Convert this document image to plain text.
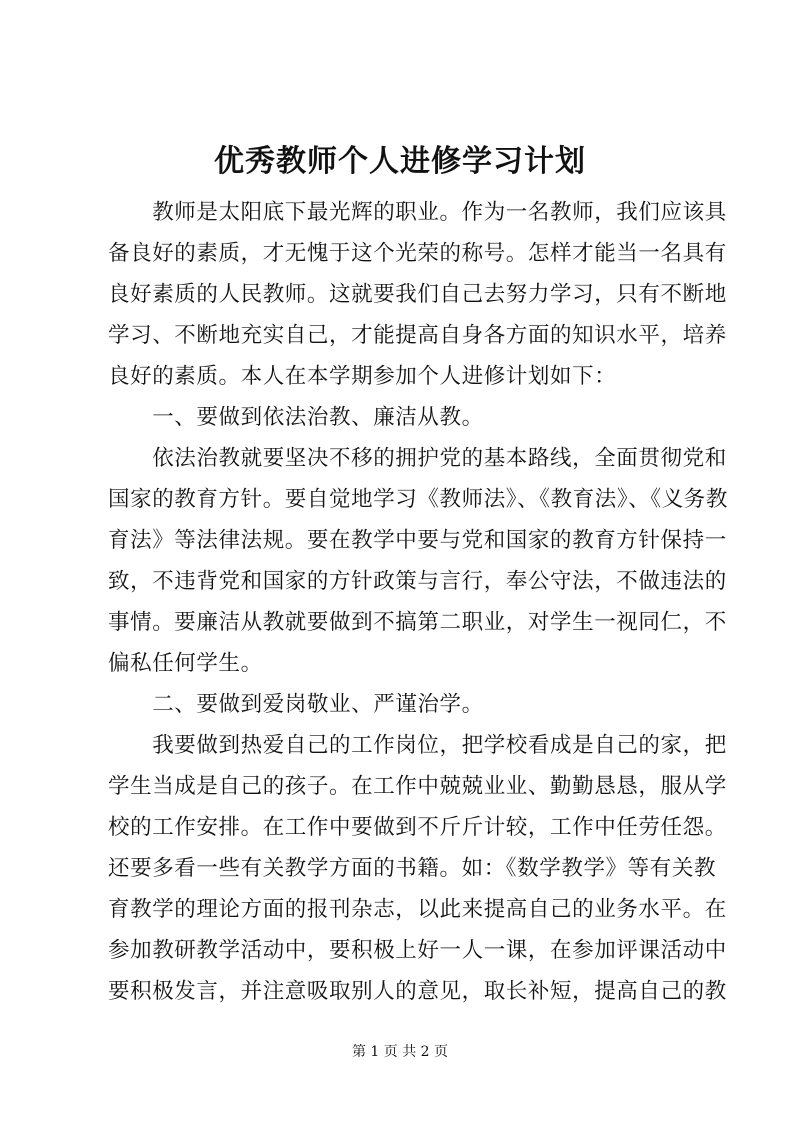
优秀教师个人进修学习计划

　　教师是太阳底下最光辉的职业。作为一名教师，我们应该具

备良好的素质，才无愧于这个光荣的称号。怎样才能当一名具有

良好素质的人民教师。这就要我们自己去努力学习，只有不断地

学习、不断地充实自己，才能提高自身各方面的知识水平，培养

良好的素质。本人在本学期参加个人进修计划如下：

　　一、要做到依法治教、廉洁从教。

　　依法治教就要坚决不移的拥护党的基本路线，全面贯彻党和

国家的教育方针。要自觉地学习《教师法》、《教育法》、《义务教

育法》等法律法规。要在教学中要与党和国家的教育方针保持一

致，不违背党和国家的方针政策与言行，奉公守法，不做违法的

事情。要廉洁从教就要做到不搞第二职业，对学生一视同仁，不

偏私任何学生。

　　二、要做到爱岗敬业、严谨治学。

　　我要做到热爱自己的工作岗位，把学校看成是自己的家，把

学生当成是自己的孩子。在工作中兢兢业业、勤勤恳恳，服从学

校的工作安排。在工作中要做到不斤斤计较，工作中任劳任怨。

还要多看一些有关教学方面的书籍。如：《数学教学》等有关教

育教学的理论方面的报刊杂志，以此来提高自己的业务水平。在

参加教研教学活动中，要积极上好一人一课，在参加评课活动中

要积极发言，并注意吸取别人的意见，取长补短，提高自己的教

第 1 页 共 2 页
